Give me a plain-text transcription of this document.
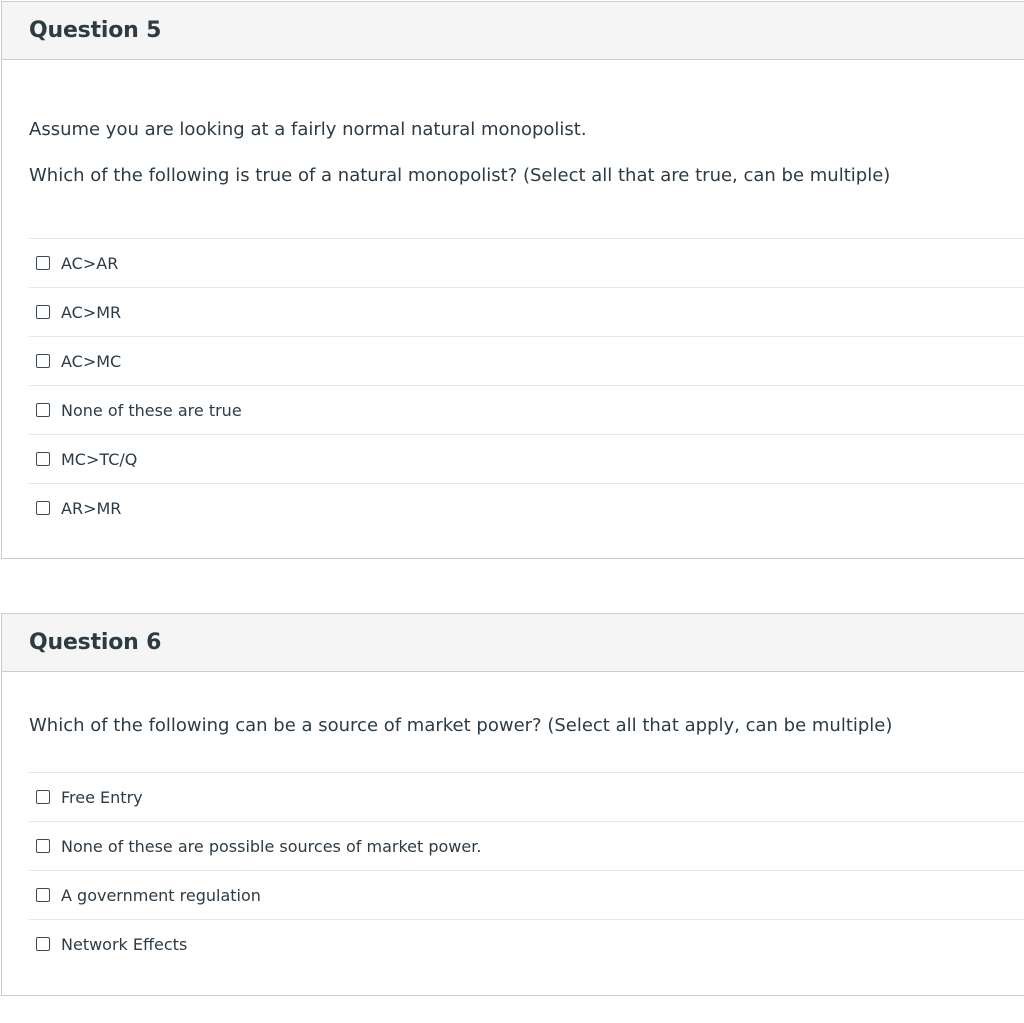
Question 5
Assume you are looking at a fairly normal natural monopolist.
Which of the following is true of a natural monopolist? (Select all that are true, can be multiple)
AC>AR
AC>MR
AC>MC
None of these are true
MC>TC/Q
AR>MR
Question 6
Which of the following can be a source of market power? (Select all that apply, can be multiple)
Free Entry
None of these are possible sources of market power.
A government regulation
Network Effects
